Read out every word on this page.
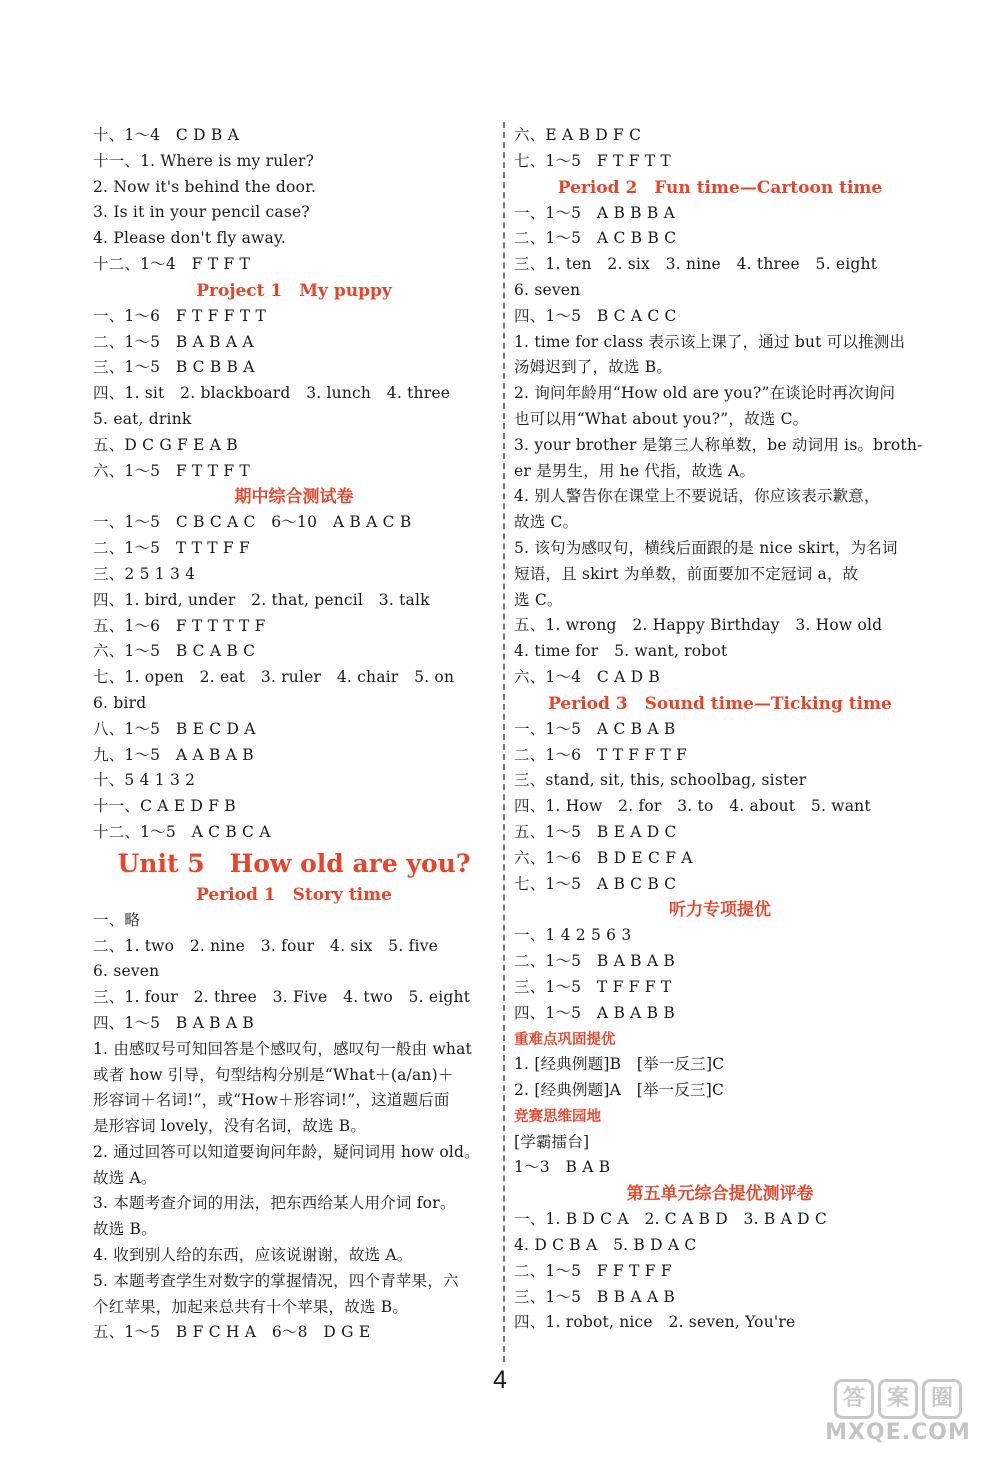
十、1～4　C D B A
十一、1. Where is my ruler?
2. Now it's behind the door.
3. Is it in your pencil case?
4. Please don't fly away.
十二、1～4　F T F T
Project 1　My puppy
一、1～6　F T F F T T
二、1～5　B A B A A
三、1～5　B C B B A
四、1. sit　2. blackboard　3. lunch　4. three
5. eat, drink
五、D C G F E A B
六、1～5　F T T F T
期中综合测试卷
一、1～5　C B C A C　6～10　A B A C B
二、1～5　T T T F F
三、2 5 1 3 4
四、1. bird, under　2. that, pencil　3. talk
五、1～6　F T T T T F
六、1～5　B C A B C
七、1. open　2. eat　3. ruler　4. chair　5. on
6. bird
八、1～5　B E C D A
九、1～5　A A B A B
十、5 4 1 3 2
十一、C A E D F B
十二、1～5　A C B C A
Unit 5　How old are you?
Period 1　Story time
一、略
二、1. two　2. nine　3. four　4. six　5. five
6. seven
三、1. four　2. three　3. Five　4. two　5. eight
四、1～5　B A B A B
1. 由感叹号可知回答是个感叹句，感叹句一般由 what
或者 how 引导，句型结构分别是“What＋(a/an)＋
形容词＋名词!”，或“How＋形容词!”，这道题后面
是形容词 lovely，没有名词，故选 B。
2. 通过回答可以知道要询问年龄，疑问词用 how old。
故选 A。
3. 本题考查介词的用法，把东西给某人用介词 for。
故选 B。
4. 收到别人给的东西，应该说谢谢，故选 A。
5. 本题考查学生对数字的掌握情况，四个青苹果，六
个红苹果，加起来总共有十个苹果，故选 B。
五、1～5　B F C H A　6～8　D G E
六、E A B D F C
七、1～5　F T F T T
Period 2　Fun time—Cartoon time
一、1～5　A B B B A
二、1～5　A C B B C
三、1. ten　2. six　3. nine　4. three　5. eight
6. seven
四、1～5　B C A C C
1. time for class 表示该上课了，通过 but 可以推测出
汤姆迟到了，故选 B。
2. 询问年龄用“How old are you?”在谈论时再次询问
也可以用“What about you?”，故选 C。
3. your brother 是第三人称单数，be 动词用 is。broth-
er 是男生，用 he 代指，故选 A。
4. 别人警告你在课堂上不要说话，你应该表示歉意，
故选 C。
5. 该句为感叹句，横线后面跟的是 nice skirt，为名词
短语，且 skirt 为单数，前面要加不定冠词 a，故
选 C。
五、1. wrong　2. Happy Birthday　3. How old
4. time for　5. want, robot
六、1～4　C A D B
Period 3　Sound time—Ticking time
一、1～5　A C B A B
二、1～6　T T F F T F
三、stand, sit, this, schoolbag, sister
四、1. How　2. for　3. to　4. about　5. want
五、1～5　B E A D C
六、1～6　B D E C F A
七、1～5　A B C B C
听力专项提优
一、1 4 2 5 6 3
二、1～5　B A B A B
三、1～5　T F F F T
四、1～5　A B A B B
重难点巩固提优
1. [经典例题]B　[举一反三]C
2. [经典例题]A　[举一反三]C
竞赛思维园地
[学霸擂台]
1～3　B A B
第五单元综合提优测评卷
一、1. B D C A　2. C A B D　3. B A D C
4. D C B A　5. B D A C
二、1～5　F F T F F
三、1～5　B B A A B
四、1. robot, nice　2. seven, You're
4
答 案 圈
MXQE.COM
